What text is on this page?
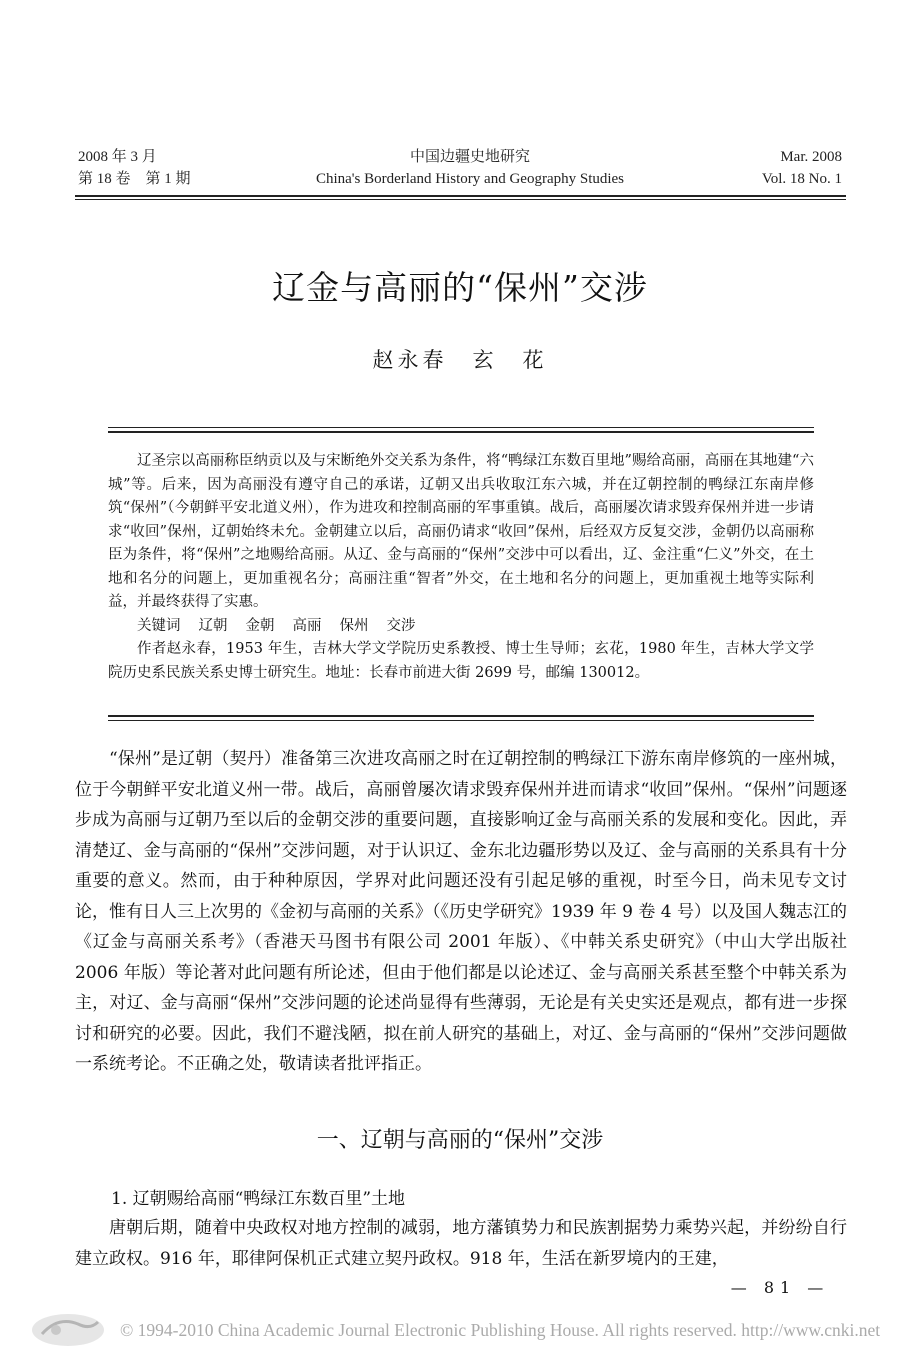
2008 年 3 月
第 18 卷　第 1 期
中国边疆史地研究
China's Borderland History and Geography Studies
Mar. 2008
Vol. 18 No. 1
辽金与高丽的“保州”交涉
赵永春　玄　花

辽圣宗以高丽称臣纳贡以及与宋断绝外交关系为条件，将“鸭绿江东数百里地”赐给高丽，高丽在其地建“六城”等。后来，因为高丽没有遵守自己的承诺，辽朝又出兵收取江东六城，并在辽朝控制的鸭绿江东南岸修筑“保州”（今朝鲜平安北道义州），作为进攻和控制高丽的军事重镇。战后，高丽屡次请求毁弃保州并进一步请求“收回”保州，辽朝始终未允。金朝建立以后，高丽仍请求“收回”保州，后经双方反复交涉，金朝仍以高丽称臣为条件，将“保州”之地赐给高丽。从辽、金与高丽的“保州”交涉中可以看出，辽、金注重“仁义”外交，在土地和名分的问题上，更加重视名分；高丽注重“智者”外交，在土地和名分的问题上，更加重视土地等实际利益，并最终获得了实惠。

关键词 辽朝 金朝 高丽 保州 交涉

作者赵永春，1953 年生，吉林大学文学院历史系教授、博士生导师；玄花，1980 年生，吉林大学文学院历史系民族关系史博士研究生。地址：长春市前进大街 2699 号，邮编 130012。

“保州”是辽朝（契丹）准备第三次进攻高丽之时在辽朝控制的鸭绿江下游东南岸修筑的一座州城，位于今朝鲜平安北道义州一带。战后，高丽曾屡次请求毁弃保州并进而请求“收回”保州。“保州”问题逐步成为高丽与辽朝乃至以后的金朝交涉的重要问题，直接影响辽金与高丽关系的发展和变化。因此，弄清楚辽、金与高丽的“保州”交涉问题，对于认识辽、金东北边疆形势以及辽、金与高丽的关系具有十分重要的意义。然而，由于种种原因，学界对此问题还没有引起足够的重视，时至今日，尚未见专文讨论，惟有日人三上次男的《金初与高丽的关系》（《历史学研究》1939 年 9 卷 4 号）以及国人魏志江的《辽金与高丽关系考》（香港天马图书有限公司 2001 年版）、《中韩关系史研究》（中山大学出版社 2006 年版）等论著对此问题有所论述，但由于他们都是以论述辽、金与高丽关系甚至整个中韩关系为主，对辽、金与高丽“保州”交涉问题的论述尚显得有些薄弱，无论是有关史实还是观点，都有进一步探讨和研究的必要。因此，我们不避浅陋，拟在前人研究的基础上，对辽、金与高丽的“保州”交涉问题做一系统考论。不正确之处，敬请读者批评指正。

一、辽朝与高丽的“保州”交涉
1. 辽朝赐给高丽“鸭绿江东数百里”土地

唐朝后期，随着中央政权对地方控制的减弱，地方藩镇势力和民族割据势力乘势兴起，并纷纷自行建立政权。916 年，耶律阿保机正式建立契丹政权。918 年，生活在新罗境内的王建，

— 81 —
© 1994-2010 China Academic Journal Electronic Publishing House. All rights reserved. http://www.cnki.net
